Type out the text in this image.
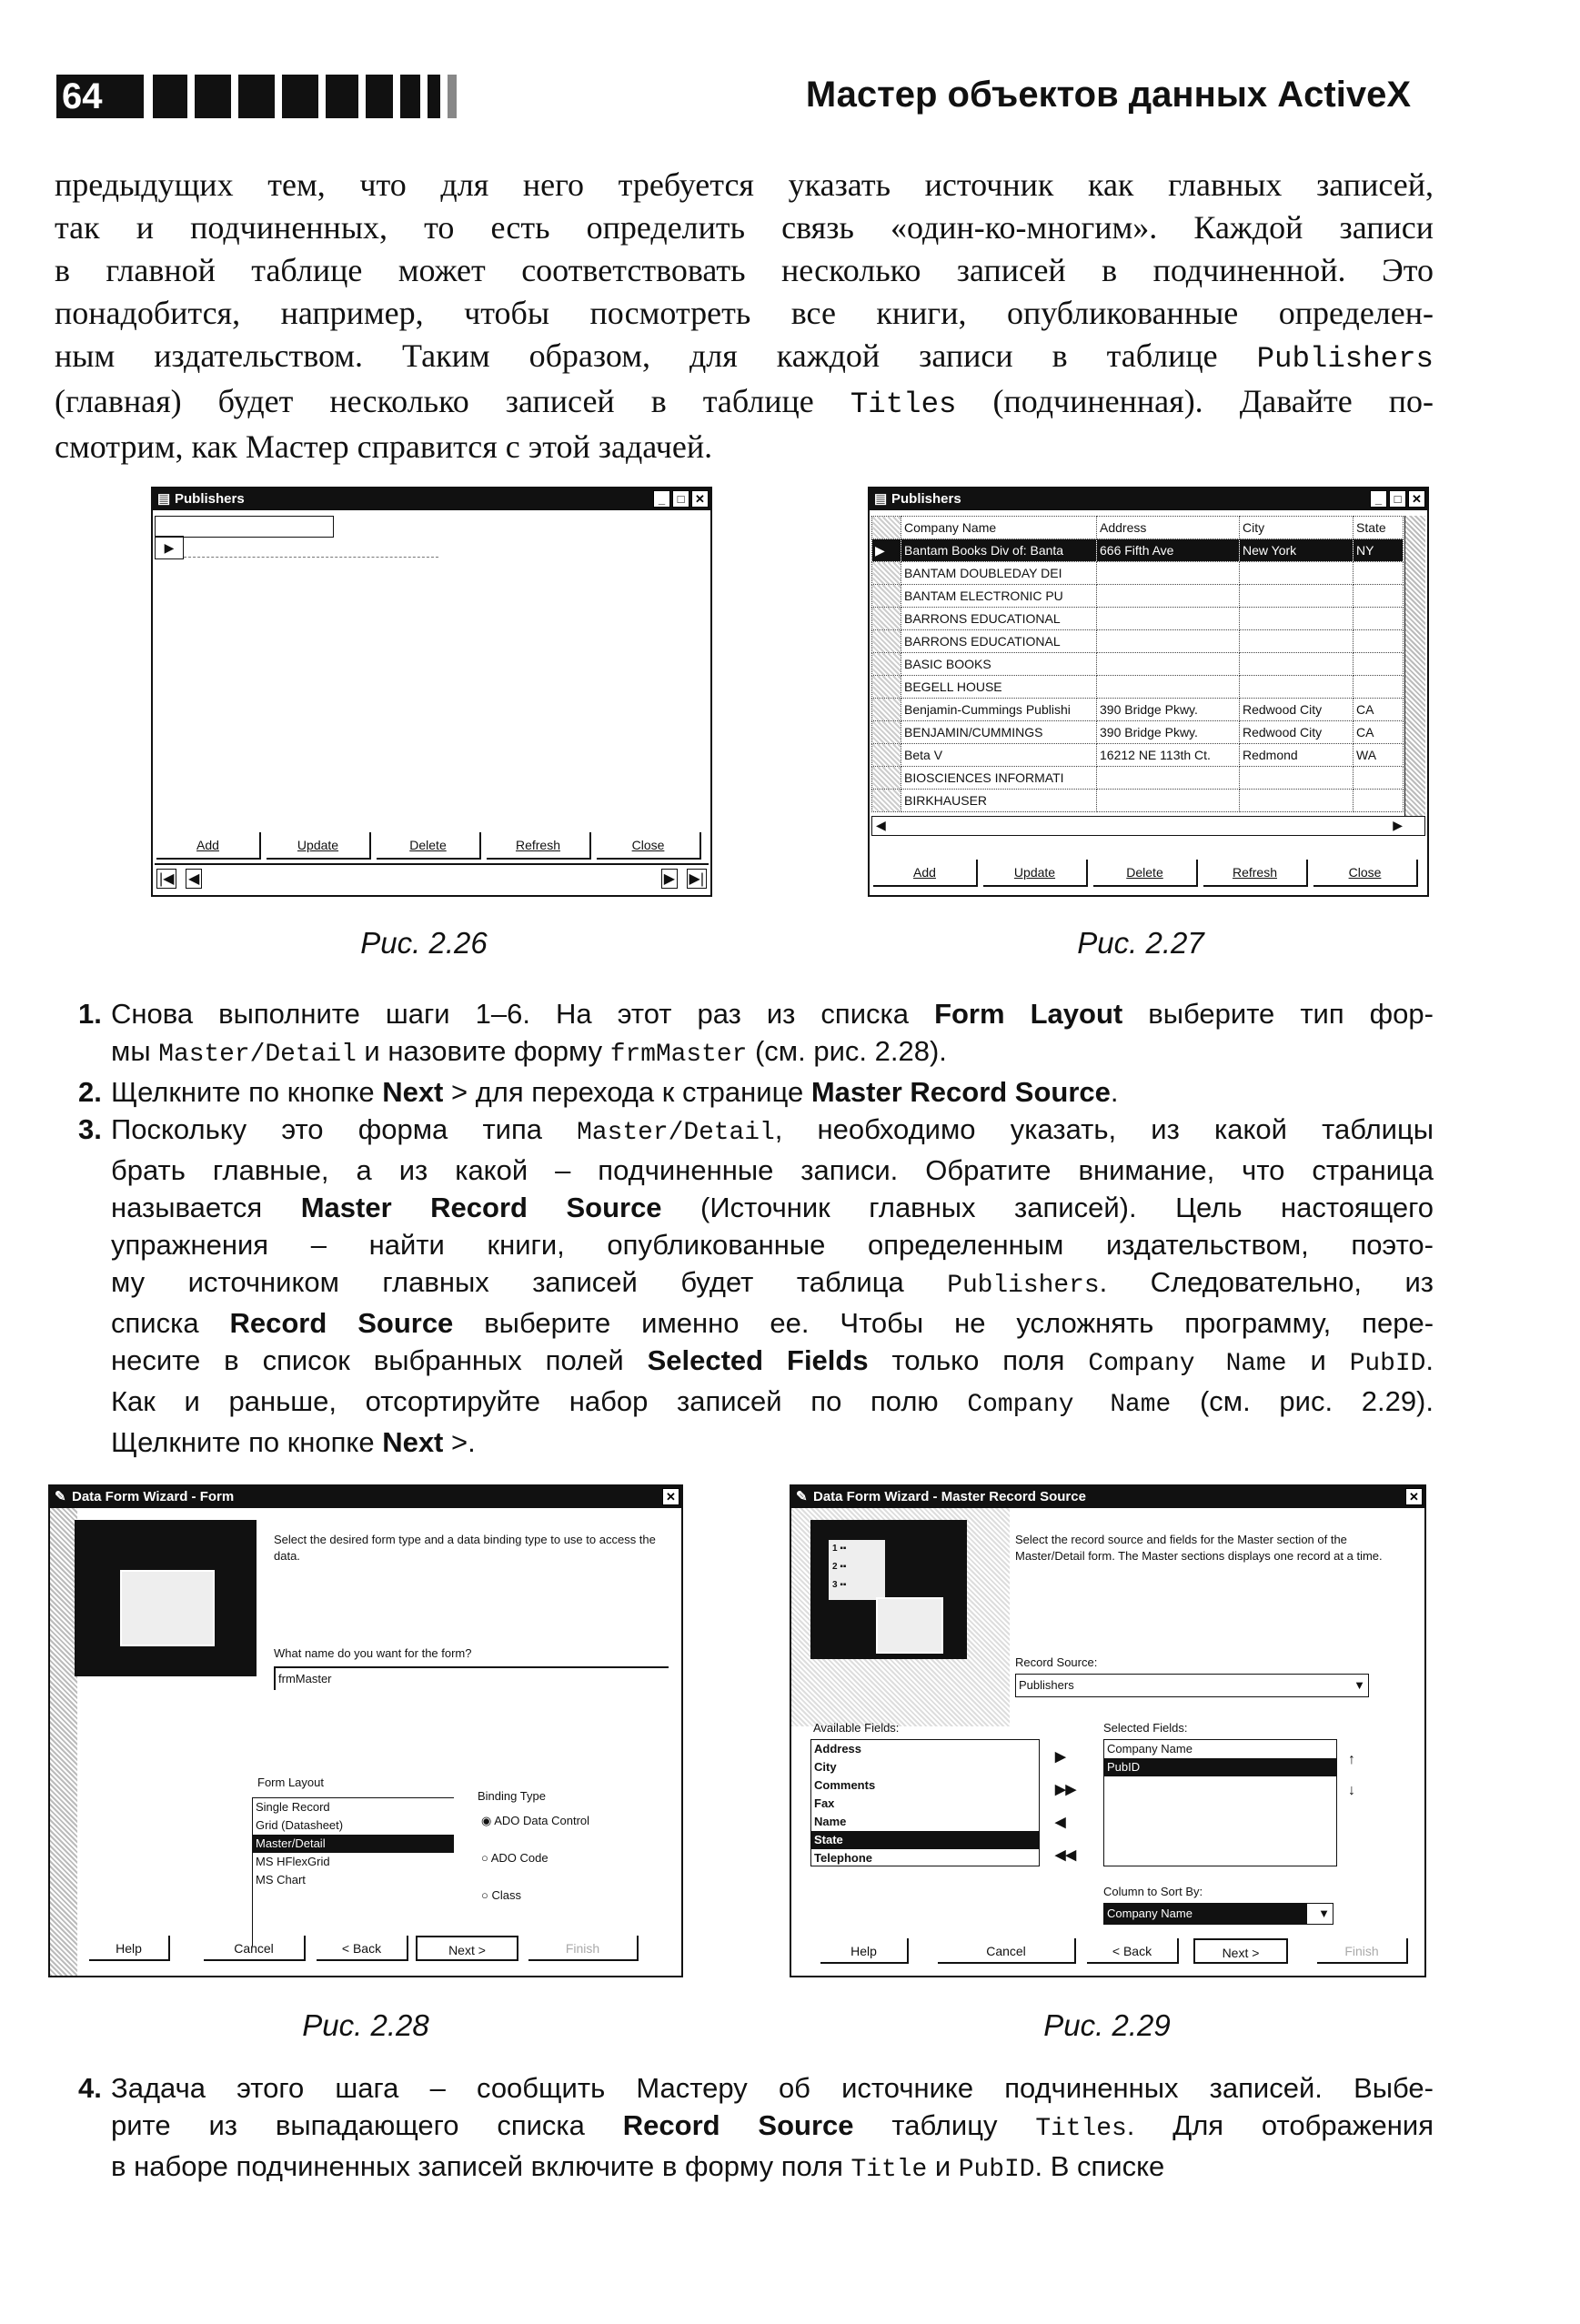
64	Мастер объектов данных ActiveX
предыдущих тем, что для него требуется указать источник как главных записей,
так и подчиненных, то есть определить связь «один-ко-многим». Каждой записи
в главной таблице может соответствовать несколько записей в подчиненной. Это
понадобится, например, чтобы посмотреть все книги, опубликованные определен-
ным издательством. Таким образом, для каждой записи в таблице Publishers
(главная) будет несколько записей в таблице Titles (подчиненная). Давайте по-
смотрим, как Мастер справится с этой задачей.
▤ Publishers	_	□ ✕
▶
Add	Update	Delete	Refresh	Close
|◀ ◀	▶ ▶|
Рис. 2.26
▤ Publishers	_	□ ✕
	Company Name	Address	City	State
▶	Bantam Books Div of: Banta	666 Fifth Ave	New York	NY
	BANTAM DOUBLEDAY DEI			
	BANTAM ELECTRONIC PU			
	BARRONS EDUCATIONAL			
	BARRONS EDUCATIONAL			
	BASIC BOOKS			
	BEGELL HOUSE			
	Benjamin-Cummings Publishi	390 Bridge Pkwy.	Redwood City	CA
	BENJAMIN/CUMMINGS	390 Bridge Pkwy.	Redwood City	CA
	Beta V	16212 NE 113th Ct.	Redmond	WA
	BIOSCIENCES INFORMATI			
	BIRKHAUSER			
◀	▶
Add	Update	Delete	Refresh	Close
Рис. 2.27
1. Снова выполните шаги 1–6. На этот раз из списка Form Layout выберите тип фор-
мы Master/Detail и назовите форму frmMaster (см. рис. 2.28).
2. Щелкните по кнопке Next > для перехода к странице Master Record Source.
3. Поскольку это форма типа Master/Detail, необходимо указать, из какой таблицы
брать главные, а из какой – подчиненные записи. Обратите внимание, что страница
называется Master Record Source (Источник главных записей). Цель настоящего
упражнения – найти книги, опубликованные определенным издательством, поэто-
му источником главных записей будет таблица Publishers. Следовательно, из
списка Record Source выберите именно ее. Чтобы не усложнять программу, пере-
несите в список выбранных полей Selected Fields только поля Company Name и PubID.
Как и раньше, отсортируйте набор записей по полю Company Name (см. рис. 2.29).
Щелкните по кнопке Next >.
✎ Data Form Wizard - Form	✕
Select the desired form type and a data binding type to use to access the data.
What name do you want for the form?
frmMaster
Form Layout
Single Record
Grid (Datasheet)
Master/Detail
MS HFlexGrid
MS Chart
Binding Type
◉ ADO Data Control
○ ADO Code
○ Class
Help	Cancel	< Back	Next >	Finish
Рис. 2.28
✎ Data Form Wizard - Master Record Source	✕
1 ▪▪
2 ▪▪
3 ▪▪
Select the record source and fields for the Master section of the Master/Detail form. The Master sections displays one record at a time.
Record Source:
Publishers	▼
Available Fields:
Address
City
Comments
Fax
Name
State
Telephone
▶
▶▶
◀
◀◀
Selected Fields:
Company Name
PubID	↑
↓
Column to Sort By:
Company Name	▼
Help	Cancel	< Back	Next >	Finish
Рис. 2.29
4. Задача этого шага – сообщить Мастеру об источнике подчиненных записей. Выбе-
рите из выпадающего списка Record Source таблицу Titles. Для отображения
в наборе подчиненных записей включите в форму поля Title и PubID. В списке
